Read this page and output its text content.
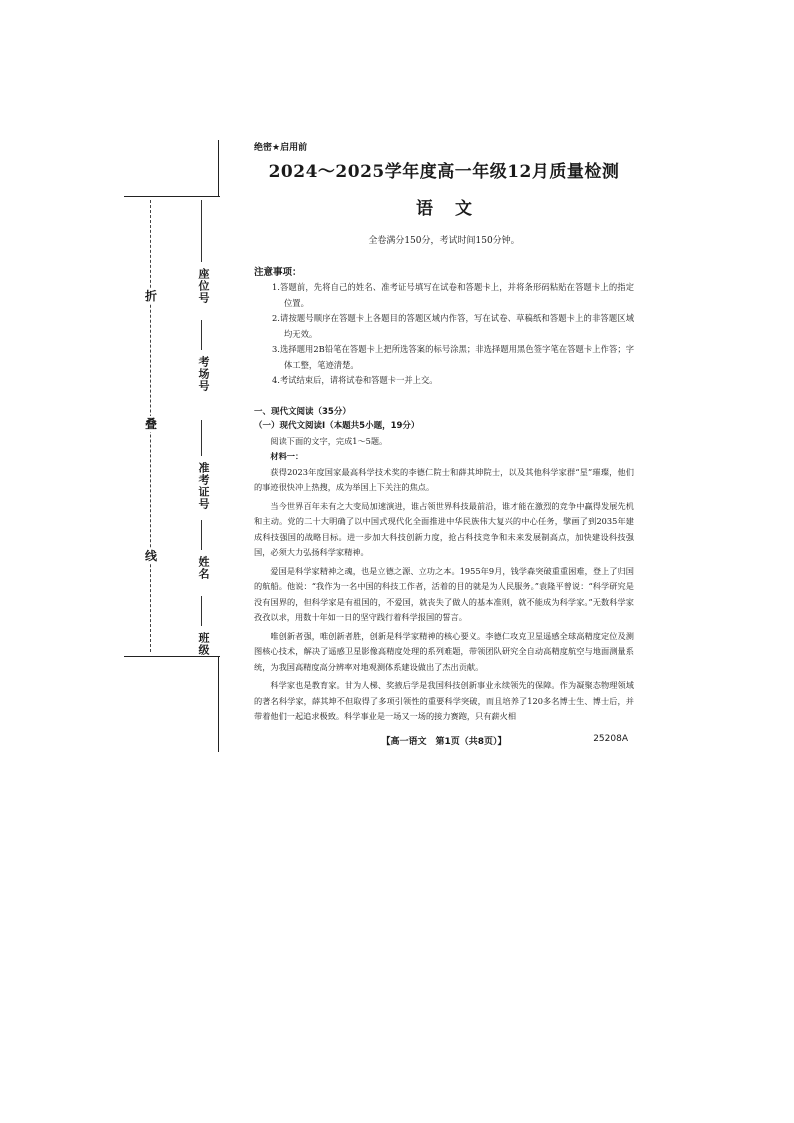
折
叠
线
座位号
考场号
准考证号
姓名
班级

绝密★启用前

2024～2025学年度高一年级12月质量检测
语文

全卷满分150分，考试时间150分钟。

注意事项：

1.答题前，先将自己的姓名、准考证号填写在试卷和答题卡上，并将条形码粘贴在答题卡上的指定位置。
2.请按题号顺序在答题卡上各题目的答题区域内作答，写在试卷、草稿纸和答题卡上的非答题区域均无效。
3.选择题用2B铅笔在答题卡上把所选答案的标号涂黑；非选择题用黑色签字笔在答题卡上作答；字体工整，笔迹清楚。
4.考试结束后，请将试卷和答题卡一并上交。

一、现代文阅读（35分）

（一）现代文阅读Ⅰ（本题共5小题，19分）

阅读下面的文字，完成1～5题。

材料一：

获得2023年度国家最高科学技术奖的李德仁院士和薛其坤院士，以及其他科学家群“星”璀璨，他们的事迹很快冲上热搜，成为举国上下关注的焦点。

当今世界百年未有之大变局加速演进，谁占领世界科技最前沿，谁才能在激烈的竞争中赢得发展先机和主动。党的二十大明确了以中国式现代化全面推进中华民族伟大复兴的中心任务，擘画了到2035年建成科技强国的战略目标。进一步加大科技创新力度，抢占科技竞争和未来发展制高点，加快建设科技强国，必须大力弘扬科学家精神。

爱国是科学家精神之魂，也是立德之源、立功之本。1955年9月，钱学森突破重重困难，登上了归国的航船。他说：“我作为一名中国的科技工作者，活着的目的就是为人民服务。”袁隆平曾说：“科学研究是没有国界的，但科学家是有祖国的，不爱国，就丧失了做人的基本准则，就不能成为科学家。”无数科学家孜孜以求，用数十年如一日的坚守践行着科学报国的誓言。

唯创新者强，唯创新者胜，创新是科学家精神的核心要义。李德仁攻克卫星遥感全球高精度定位及测图核心技术，解决了遥感卫星影像高精度处理的系列难题，带领团队研究全自动高精度航空与地面测量系统，为我国高精度高分辨率对地观测体系建设做出了杰出贡献。

科学家也是教育家。甘为人梯、奖掖后学是我国科技创新事业永续领先的保障。作为凝聚态物理领域的著名科学家，薛其坤不但取得了多项引领性的重要科学突破，而且培养了120多名博士生、博士后，并带着他们一起追求极致。科学事业是一场又一场的接力赛跑，只有薪火相

【高一语文　第1页（共8页）】	25208A
